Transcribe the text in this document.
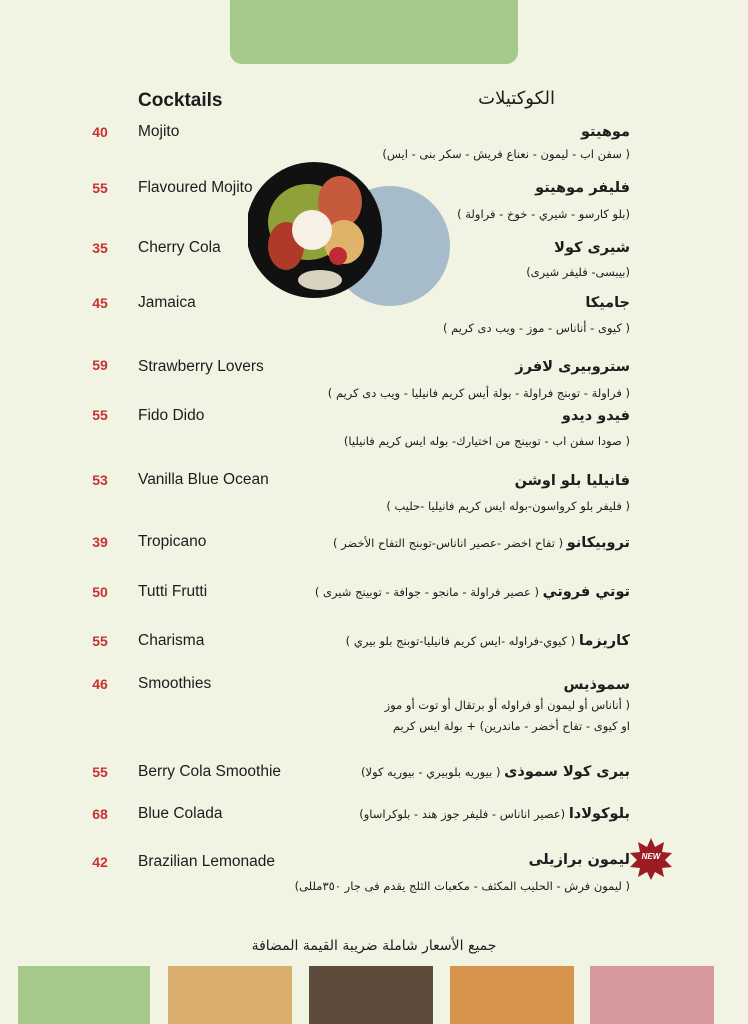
Cocktails	الكوكتيلات
40	Mojito	موهيتو
( سفن اب - ليمون - نعناع فريش - سكر بنى - ايس)
55	Flavoured Mojito	فليفر موهيتو
(بلو كارسو - شيري - خوخ - فراولة )
35	Cherry Cola	شيرى كولا
(بيبسى- فليفر شيرى)
45	Jamaica	جاميكا
( كيوى - أناناس - موز - ويب دى كريم )
59	Strawberry Lovers	ستروبيرى لافرز
( فراولة - توبنج فراولة - بولة أيس كريم فانيليا - ويب دى كريم )
55	Fido Dido	فيدو ديدو
( صودا سفن اب - توبينج من اختيارك- بوله ايس كريم فانيليا)
53	Vanilla Blue Ocean	فانيليا بلو اوشن
( فليفر بلو كرواسون-بوله ايس كريم فانيليا -حليب )
39	Tropicano	تروبيكانو ( تفاح اخضر -عصير اناناس-توبنج التفاح الأخضر )
50	Tutti Frutti	توتي فروتي ( عصير فراولة - مانجو - جوافة - توبينج شيرى )
55	Charisma	كاريزما ( كيوي-فراوله -ايس كريم فانيليا-توبنج بلو بيري )
46	Smoothies	سموذيس
( أناناس أو ليمون أو فراوله أو برتقال أو توت أو موز
او كيوى - تفاح أخضر - ماندرين) + بولة ايس كريم
55	Berry Cola Smoothie	بيرى كولا سموذى ( بيوريه بلوبيري - بيوريه كولا)
68	Blue Colada	بلوكولادا (عصير اناناس - فليفر جوز هند - بلوكراساو)
42	Brazilian Lemonade	ليمون برازيلى
( ليمون فرش - الحليب المكثف - مكعبات الثلج يقدم فى جار ٣٥٠مللى)
NEW
جميع الأسعار شاملة ضريبة القيمة المضافة
